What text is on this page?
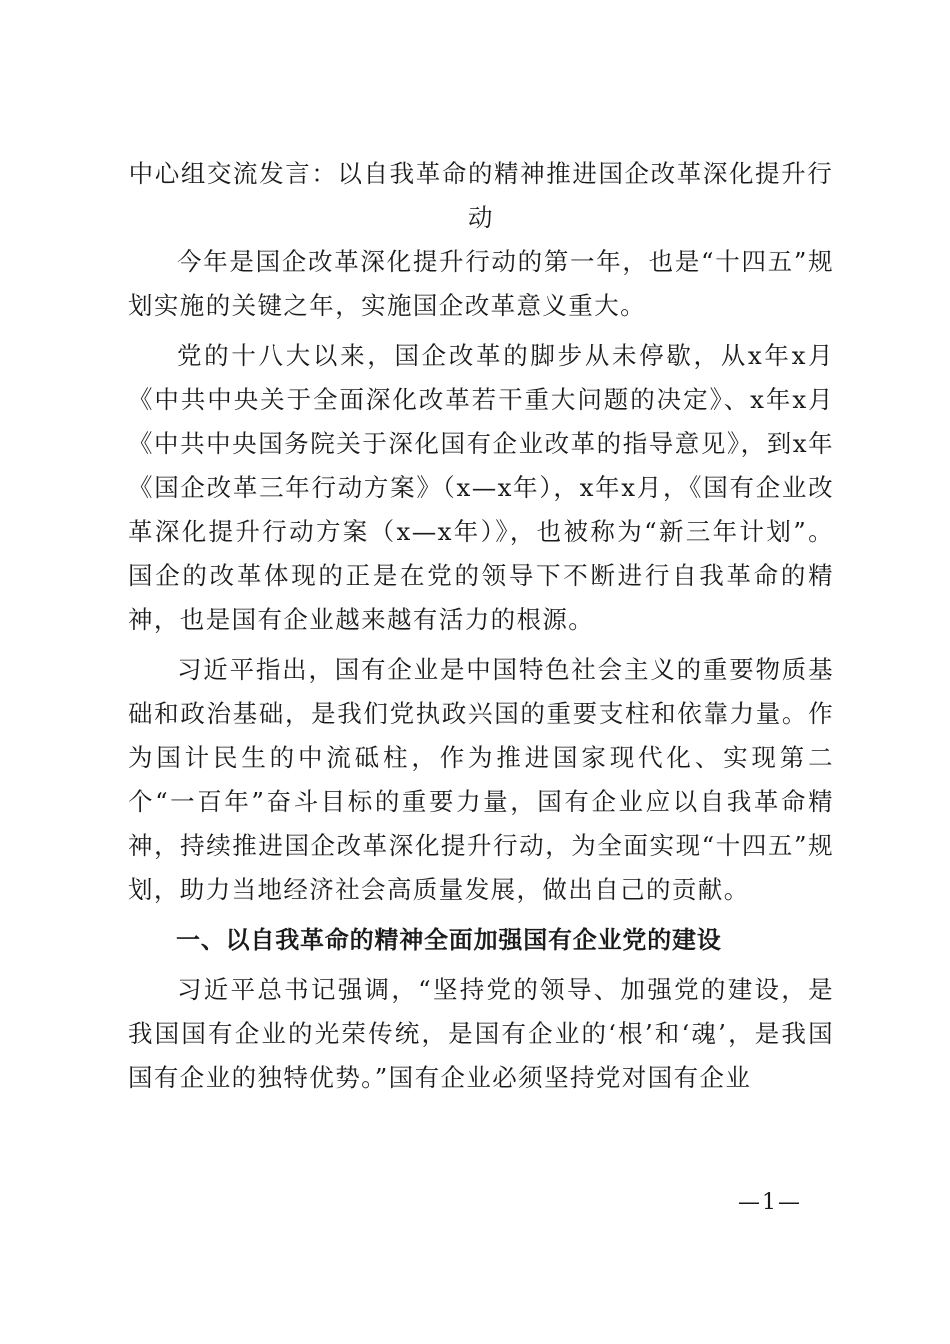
中心组交流发言：以自我革命的精神推进国企改革深化提升行动

今年是国企改革深化提升行动的第一年，也是“十四五”规划实施的关键之年，实施国企改革意义重大。

党的十八大以来，国企改革的脚步从未停歇，从x年x月《中共中央关于全面深化改革若干重大问题的决定》、x年x月《中共中央国务院关于深化国有企业改革的指导意见》，到x年《国企改革三年行动方案》（x—x年），x年x月，《国有企业改革深化提升行动方案（x—x年）》，也被称为“新三年计划”。国企的改革体现的正是在党的领导下不断进行自我革命的精神，也是国有企业越来越有活力的根源。

习近平指出，国有企业是中国特色社会主义的重要物质基础和政治基础，是我们党执政兴国的重要支柱和依靠力量。作为国计民生的中流砥柱，作为推进国家现代化、实现第二个“一百年”奋斗目标的重要力量，国有企业应以自我革命精神，持续推进国企改革深化提升行动，为全面实现“十四五”规划，助力当地经济社会高质量发展，做出自己的贡献。

一、以自我革命的精神全面加强国有企业党的建设

习近平总书记强调，“坚持党的领导、加强党的建设，是我国国有企业的光荣传统，是国有企业的‘根’和‘魂’，是我国国有企业的独特优势。”国有企业必须坚持党对国有企业

—1—
